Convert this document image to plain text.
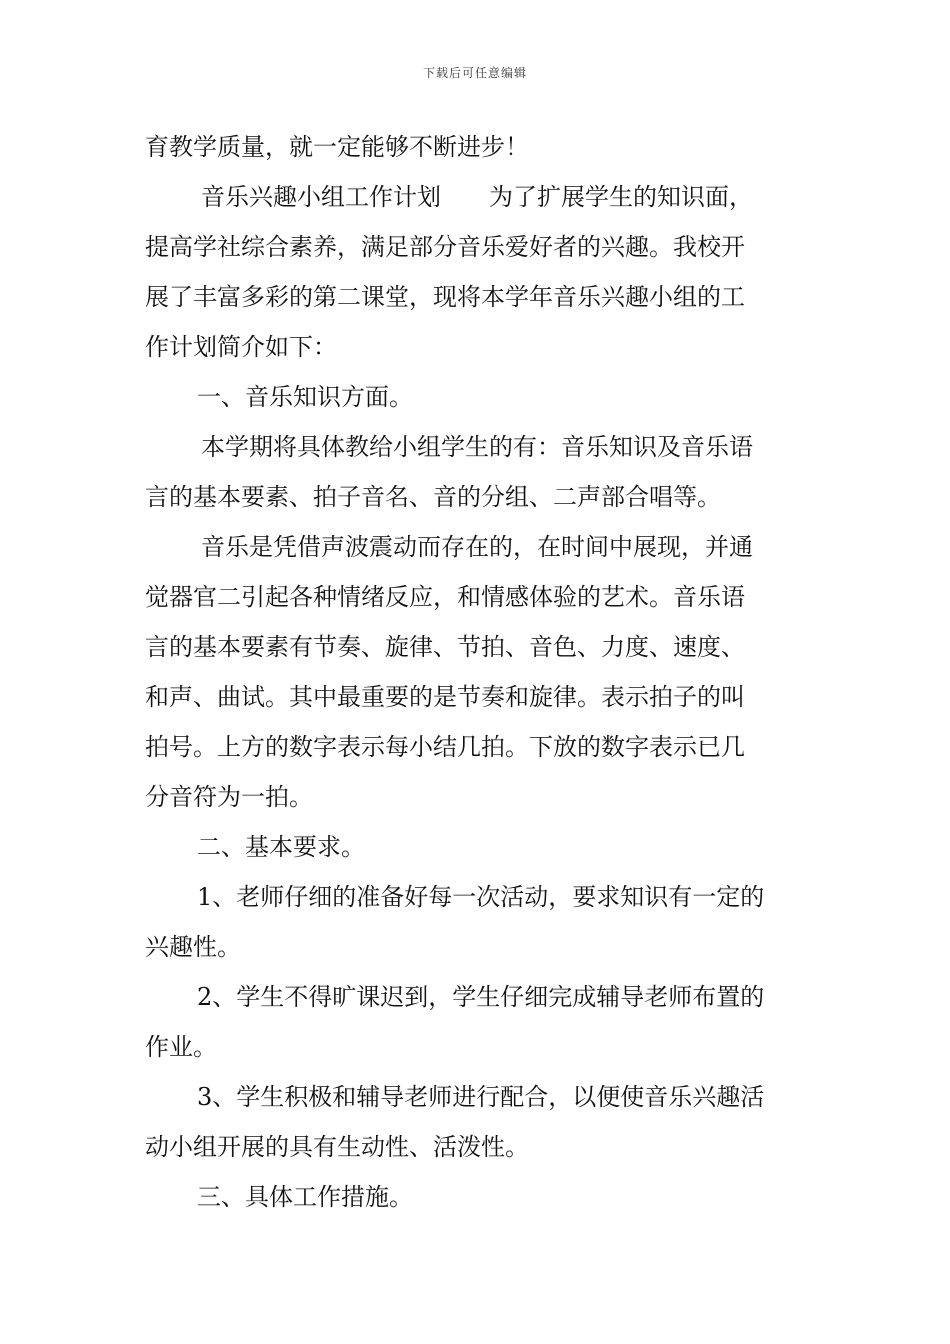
下载后可任意编辑
育教学质量，就一定能够不断进步！
音乐兴趣小组工作计划　　为了扩展学生的知识面，
提高学社综合素养，满足部分音乐爱好者的兴趣。我校开
展了丰富多彩的第二课堂，现将本学年音乐兴趣小组的工
作计划简介如下：
一、音乐知识方面。
本学期将具体教给小组学生的有：音乐知识及音乐语
言的基本要素、拍子音名、音的分组、二声部合唱等。
音乐是凭借声波震动而存在的，在时间中展现，并通
觉器官二引起各种情绪反应，和情感体验的艺术。音乐语
言的基本要素有节奏、旋律、节拍、音色、力度、速度、
和声、曲试。其中最重要的是节奏和旋律。表示拍子的叫
拍号。上方的数字表示每小结几拍。下放的数字表示已几
分音符为一拍。
二、基本要求。
1、老师仔细的准备好每一次活动，要求知识有一定的
兴趣性。
2、学生不得旷课迟到，学生仔细完成辅导老师布置的
作业。
3、学生积极和辅导老师进行配合，以便使音乐兴趣活
动小组开展的具有生动性、活泼性。
三、具体工作措施。
